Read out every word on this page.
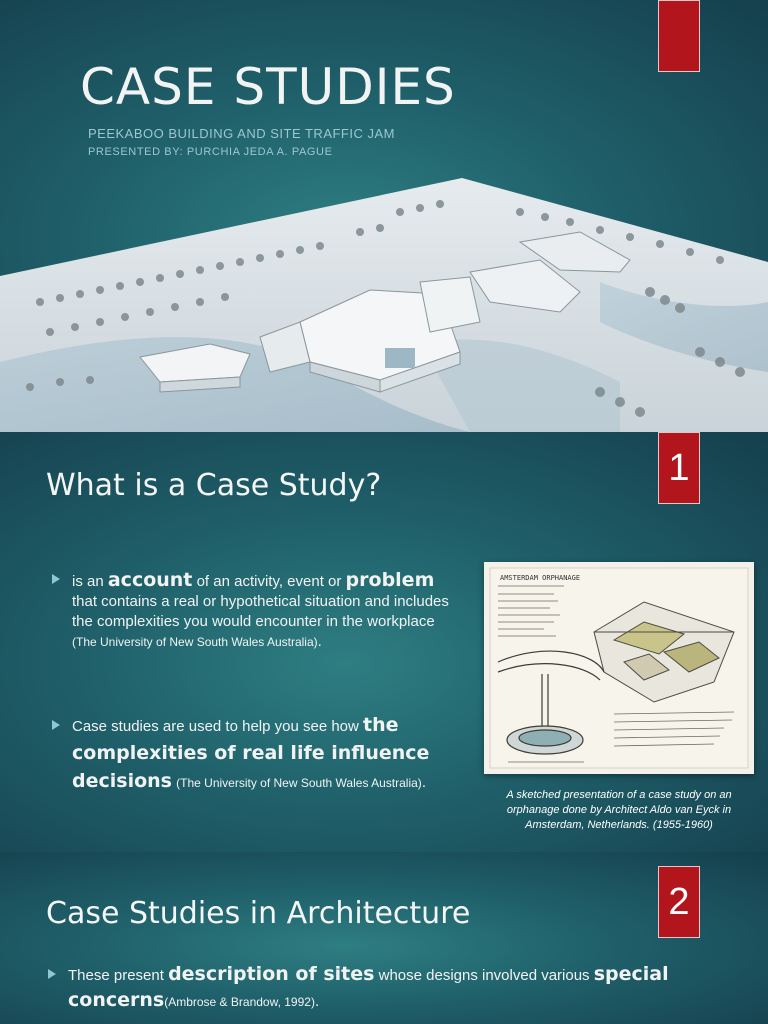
CASE STUDIES
PEEKABOO BUILDING AND SITE TRAFFIC JAM
PRESENTED BY: PURCHIA JEDA A. PAGUE
1
What is a Case Study?
is an account of an activity, event or problem that contains a real or hypothetical situation and includes the complexities you would encounter in the workplace (The University of New South Wales Australia).
Case studies are used to help you see how the complexities of real life influence decisions (The University of New South Wales Australia).
AMSTERDAM ORPHANAGE
A sketched presentation of a case study on an orphanage done by Architect Aldo van Eyck in Amsterdam, Netherlands. (1955-1960)
2
Case Studies in Architecture
These present description of sites whose designs involved various special concerns(Ambrose & Brandow, 1992).
